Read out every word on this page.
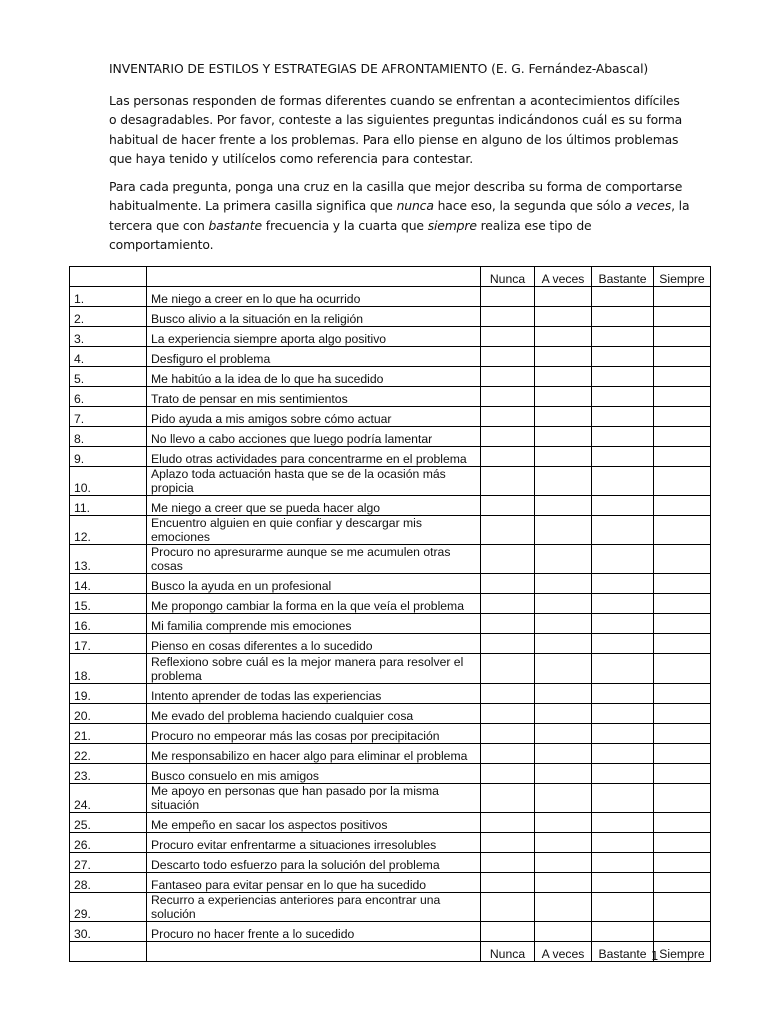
INVENTARIO DE ESTILOS Y ESTRATEGIAS DE AFRONTAMIENTO (E. G. Fernández-Abascal)
Las personas responden de formas diferentes cuando se enfrentan a acontecimientos difíciles
o desagradables. Por favor, conteste a las siguientes preguntas indicándonos cuál es su forma
habitual de hacer frente a los problemas. Para ello piense en alguno de los últimos problemas
que haya tenido y utilícelos como referencia para contestar.
Para cada pregunta, ponga una cruz en la casilla que mejor describa su forma de comportarse
habitualmente. La primera casilla significa que nunca hace eso, la segunda que sólo a veces, la
tercera que con bastante frecuencia y la cuarta que siempre realiza ese tipo de
comportamiento.
		Nunca	A veces	Bastante	Siempre
1.	Me niego a creer en lo que ha ocurrido				
2.	Busco alivio a la situación en la religión				
3.	La experiencia siempre aporta algo positivo				
4.	Desfiguro el problema				
5.	Me habitúo a la idea de lo que ha sucedido				
6.	Trato de pensar en mis sentimientos				
7.	Pido ayuda a mis amigos sobre cómo actuar				
8.	No llevo a cabo acciones que luego podría lamentar				
9.	Eludo otras actividades para concentrarme en el problema				
10.	Aplazo toda actuación hasta que se de la ocasión más propicia				
11.	Me niego a creer que se pueda hacer algo				
12.	Encuentro alguien en quie confiar y descargar mis emociones				
13.	Procuro no apresurarme aunque se me acumulen otras cosas				
14.	Busco la ayuda en un profesional				
15.	Me propongo cambiar la forma en la que veía el problema				
16.	Mi familia comprende mis emociones				
17.	Pienso en cosas diferentes a lo sucedido				
18.	Reflexiono sobre cuál es la mejor manera para resolver el problema				
19.	Intento aprender de todas las experiencias				
20.	Me evado del problema haciendo cualquier cosa				
21.	Procuro no empeorar más las cosas por precipitación				
22.	Me responsabilizo en hacer algo para eliminar el problema				
23.	Busco consuelo en mis amigos				
24.	Me apoyo en personas que han pasado por la misma situación				
25.	Me empeño en sacar los aspectos positivos				
26.	Procuro evitar enfrentarme a situaciones irresolubles				
27.	Descarto todo esfuerzo para la solución del problema				
28.	Fantaseo para evitar pensar en lo que ha sucedido				
29.	Recurro a experiencias anteriores para encontrar una solución				
30.	Procuro no hacer frente a lo sucedido				
		Nunca	A veces	Bastante	Siempre
1
